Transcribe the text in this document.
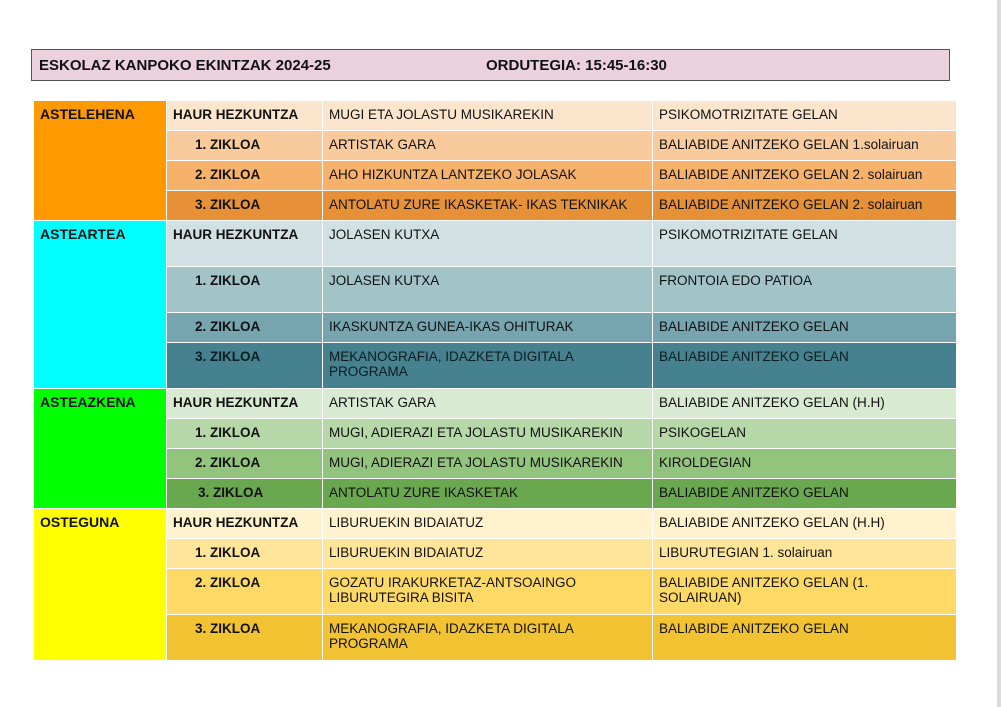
ESKOLAZ KANPOKO EKINTZAK 2024-25	ORDUTEGIA: 15:45-16:30
ASTELEHENA	HAUR HEZKUNTZA	MUGI ETA JOLASTU MUSIKAREKIN	PSIKOMOTRIZITATE GELAN
	1. ZIKLOA	ARTISTAK GARA	BALIABIDE ANITZEKO GELAN 1.solairuan
	2. ZIKLOA	AHO HIZKUNTZA LANTZEKO JOLASAK	BALIABIDE ANITZEKO GELAN 2. solairuan
	3. ZIKLOA	ANTOLATU ZURE IKASKETAK- IKAS TEKNIKAK	BALIABIDE ANITZEKO GELAN 2. solairuan
ASTEARTEA	HAUR HEZKUNTZA	JOLASEN KUTXA	PSIKOMOTRIZITATE GELAN
	1. ZIKLOA	JOLASEN KUTXA	FRONTOIA EDO PATIOA
	2. ZIKLOA	IKASKUNTZA GUNEA-IKAS OHITURAK	BALIABIDE ANITZEKO GELAN
	3. ZIKLOA	MEKANOGRAFIA, IDAZKETA DIGITALA PROGRAMA	BALIABIDE ANITZEKO GELAN
ASTEAZKENA	HAUR HEZKUNTZA	ARTISTAK GARA	BALIABIDE ANITZEKO GELAN (H.H)
	1. ZIKLOA	MUGI, ADIERAZI ETA JOLASTU MUSIKAREKIN	PSIKOGELAN
	2. ZIKLOA	MUGI, ADIERAZI ETA JOLASTU MUSIKAREKIN	KIROLDEGIAN
	3. ZIKLOA	ANTOLATU ZURE IKASKETAK	BALIABIDE ANITZEKO GELAN
OSTEGUNA	HAUR HEZKUNTZA	LIBURUEKIN BIDAIATUZ	BALIABIDE ANITZEKO GELAN (H.H)
	1. ZIKLOA	LIBURUEKIN BIDAIATUZ	LIBURUTEGIAN 1. solairuan
	2. ZIKLOA	GOZATU IRAKURKETAZ-ANTSOAINGO LIBURUTEGIRA BISITA	BALIABIDE ANITZEKO GELAN (1. SOLAIRUAN)
	3. ZIKLOA	MEKANOGRAFIA, IDAZKETA DIGITALA PROGRAMA	BALIABIDE ANITZEKO GELAN
